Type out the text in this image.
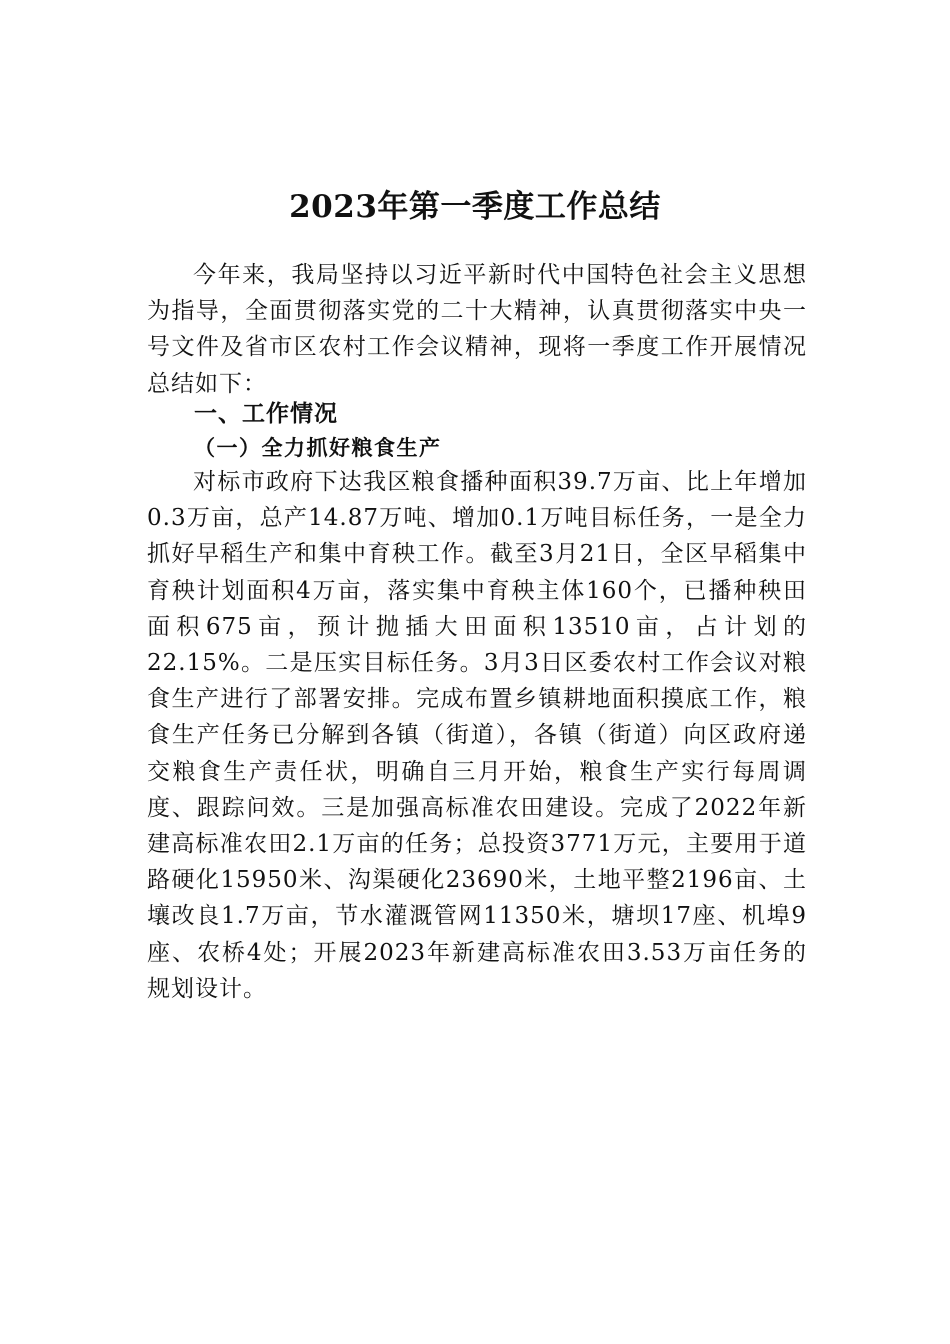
2023年第一季度工作总结

今年来，我局坚持以习近平新时代中国特色社会主义思想为指导，全面贯彻落实党的二十大精神，认真贯彻落实中央一号文件及省市区农村工作会议精神，现将一季度工作开展情况总结如下：

一、工作情况
（一）全力抓好粮食生产

对标市政府下达我区粮食播种面积39.7万亩、比上年增加0.3万亩，总产14.87万吨、增加0.1万吨目标任务，一是全力抓好早稻生产和集中育秧工作。截至3月21日，全区早稻集中育秧计划面积4万亩，落实集中育秧主体160个，已播种秧田面积675亩，预计抛插大田面积13510亩，占计划的22.15%。二是压实目标任务。3月3日区委农村工作会议对粮食生产进行了部署安排。完成布置乡镇耕地面积摸底工作，粮食生产任务已分解到各镇（街道），各镇（街道）向区政府递交粮食生产责任状，明确自三月开始，粮食生产实行每周调度、跟踪问效。三是加强高标准农田建设。完成了2022年新建高标准农田2.1万亩的任务；总投资3771万元，主要用于道路硬化15950米、沟渠硬化23690米，土地平整2196亩、土壤改良1.7万亩，节水灌溉管网11350米，塘坝17座、机埠9座、农桥4处；开展2023年新建高标准农田3.53万亩任务的规划设计。
